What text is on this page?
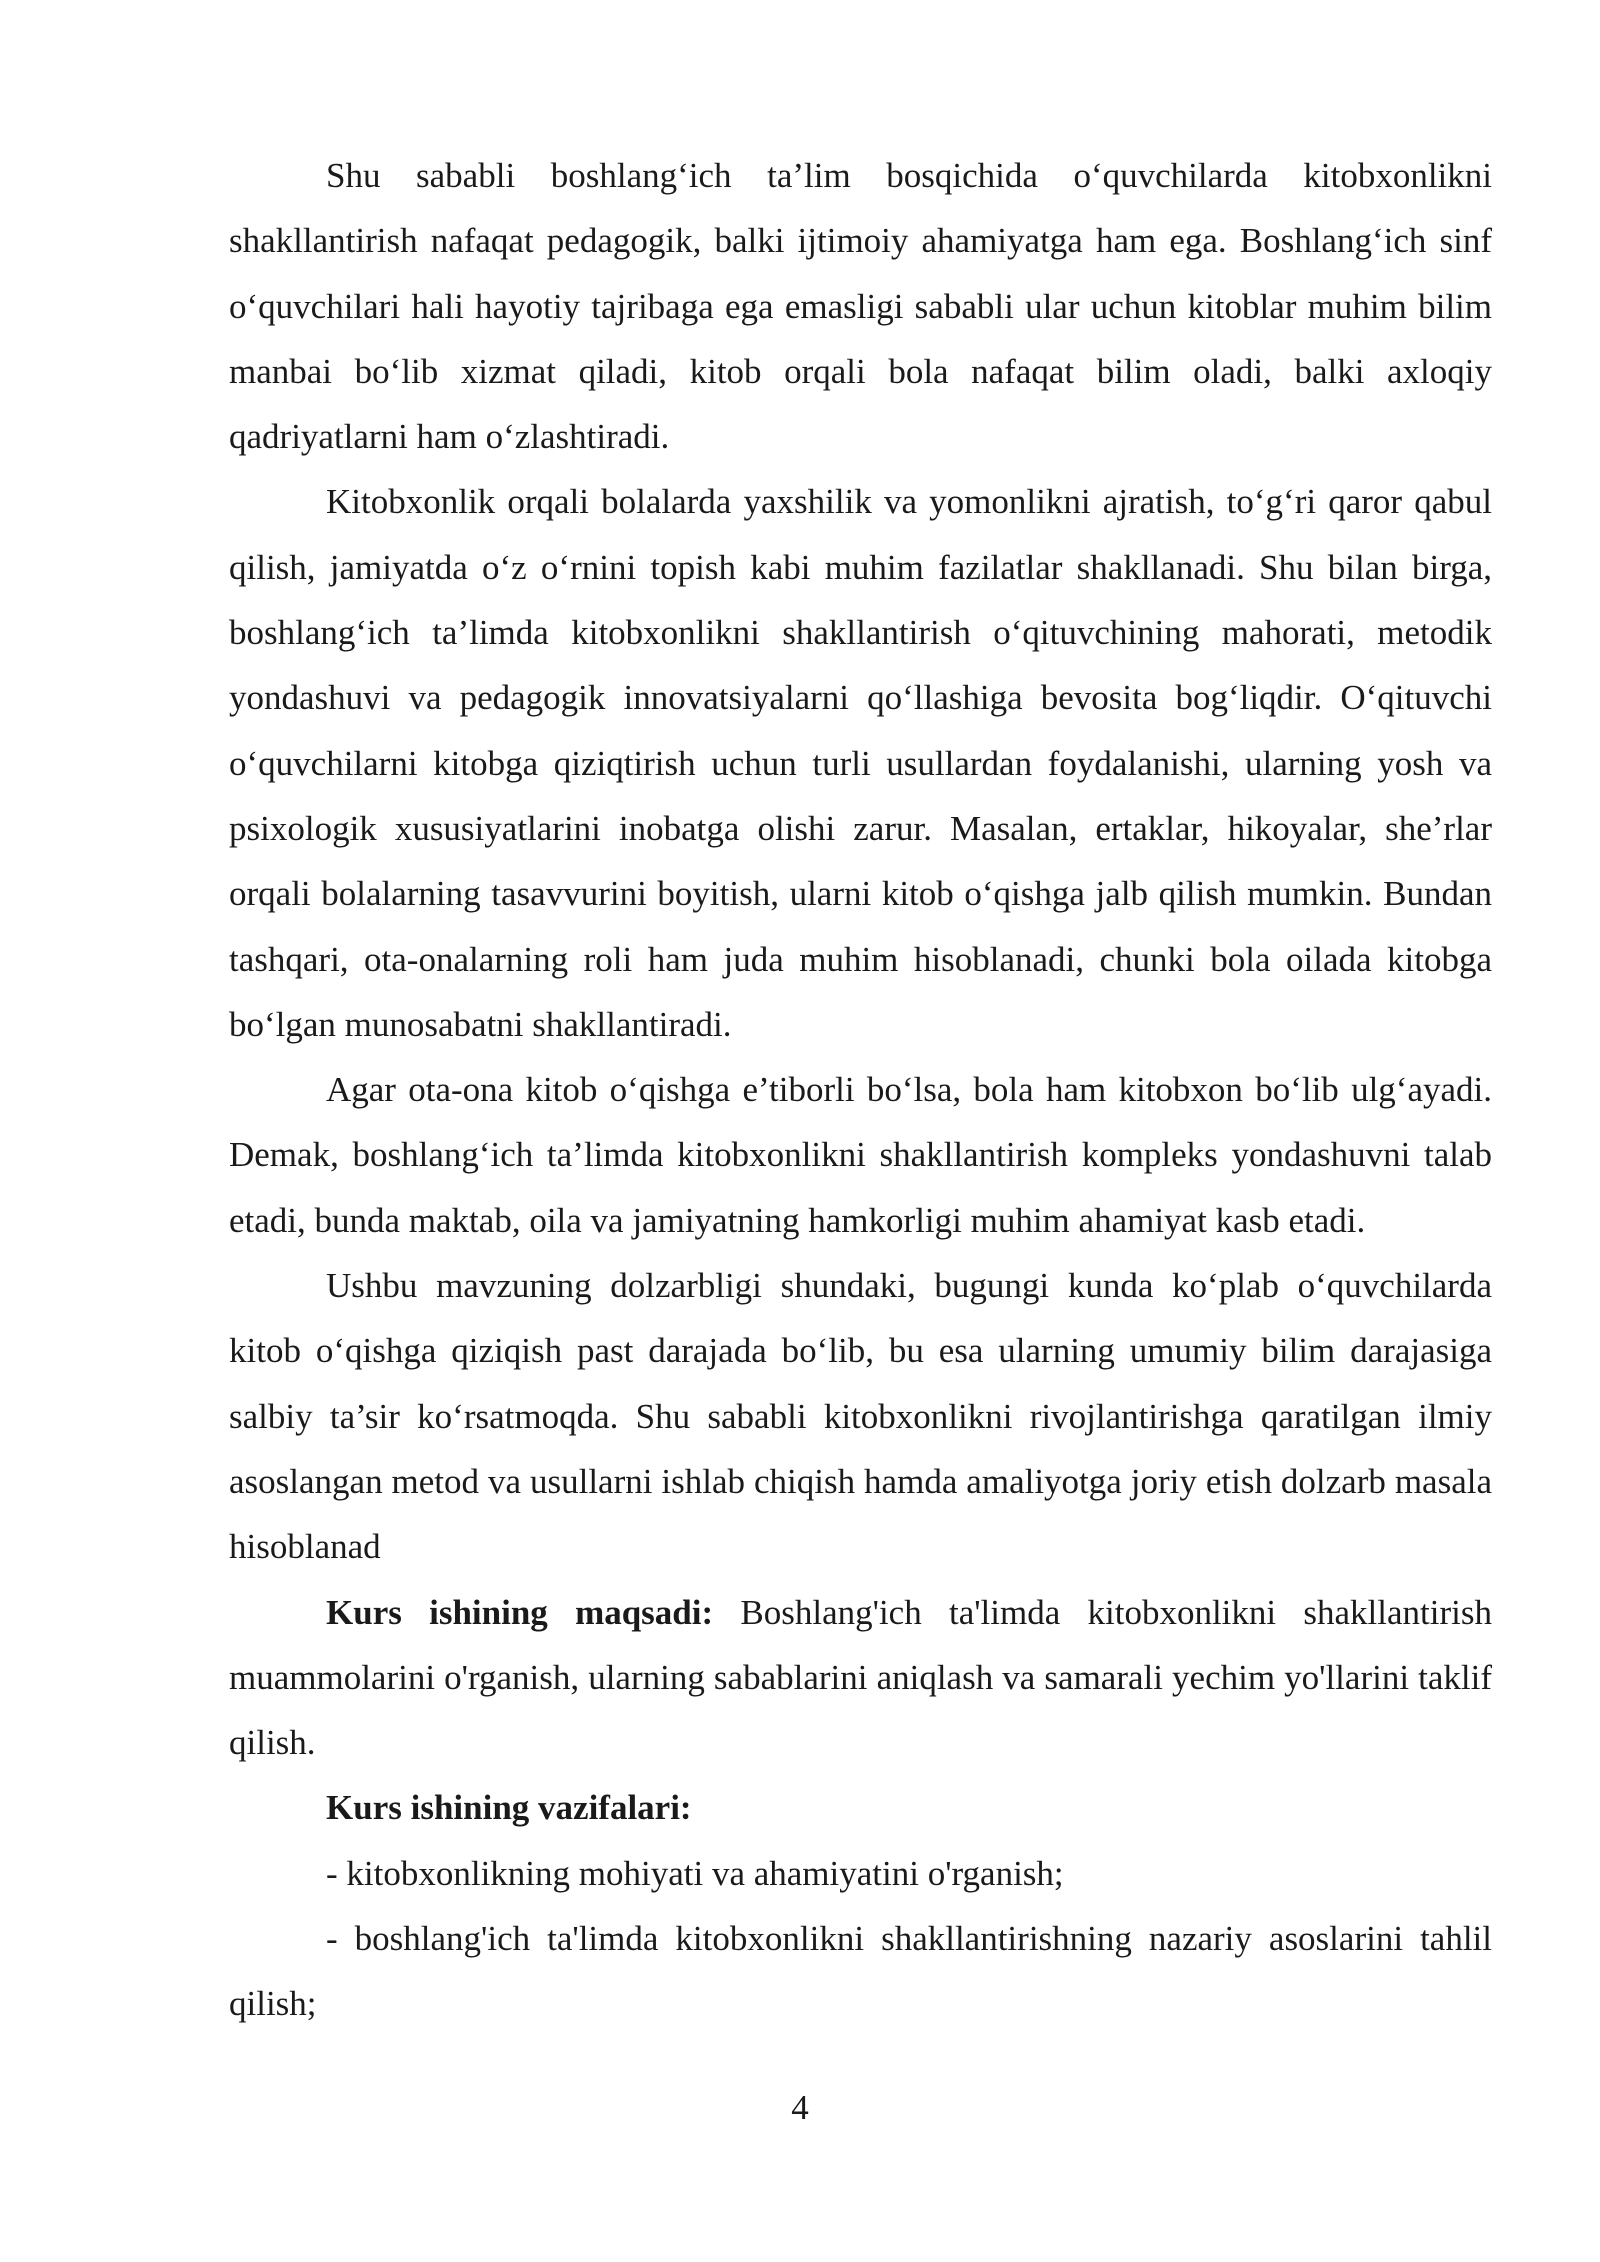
Shu sababli boshlang‘ich ta’lim bosqichida o‘quvchilarda kitobxonlikni shakllantirish nafaqat pedagogik, balki ijtimoiy ahamiyatga ham ega. Boshlang‘ich sinf o‘quvchilari hali hayotiy tajribaga ega emasligi sababli ular uchun kitoblar muhim bilim manbai bo‘lib xizmat qiladi, kitob orqali bola nafaqat bilim oladi, balki axloqiy qadriyatlarni ham o‘zlashtiradi.

Kitobxonlik orqali bolalarda yaxshilik va yomonlikni ajratish, to‘g‘ri qaror qabul qilish, jamiyatda o‘z o‘rnini topish kabi muhim fazilatlar shakllanadi. Shu bilan birga, boshlang‘ich ta’limda kitobxonlikni shakllantirish o‘qituvchining mahorati, metodik yondashuvi va pedagogik innovatsiyalarni qo‘llashiga bevosita bog‘liqdir. O‘qituvchi o‘quvchilarni kitobga qiziqtirish uchun turli usullardan foydalanishi, ularning yosh va psixologik xususiyatlarini inobatga olishi zarur. Masalan, ertaklar, hikoyalar, she’rlar orqali bolalarning tasavvurini boyitish, ularni kitob o‘qishga jalb qilish mumkin. Bundan tashqari, ota-onalarning roli ham juda muhim hisoblanadi, chunki bola oilada kitobga bo‘lgan munosabatni shakllantiradi.

Agar ota-ona kitob o‘qishga e’tiborli bo‘lsa, bola ham kitobxon bo‘lib ulg‘ayadi. Demak, boshlang‘ich ta’limda kitobxonlikni shakllantirish kompleks yondashuvni talab etadi, bunda maktab, oila va jamiyatning hamkorligi muhim ahamiyat kasb etadi.

Ushbu mavzuning dolzarbligi shundaki, bugungi kunda ko‘plab o‘quvchilarda kitob o‘qishga qiziqish past darajada bo‘lib, bu esa ularning umumiy bilim darajasiga salbiy ta’sir ko‘rsatmoqda. Shu sababli kitobxonlikni rivojlantirishga qaratilgan ilmiy asoslangan metod va usullarni ishlab chiqish hamda amaliyotga joriy etish dolzarb masala hisoblanad

Kurs ishining maqsadi: Boshlang'ich ta'limda kitobxonlikni shakllantirish muammolarini o'rganish, ularning sabablarini aniqlash va samarali yechim yo'llarini taklif qilish.

Kurs ishining vazifalari:

- kitobxonlikning mohiyati va ahamiyatini o'rganish;

- boshlang'ich ta'limda kitobxonlikni shakllantirishning nazariy asoslarini tahlil qilish;

4
